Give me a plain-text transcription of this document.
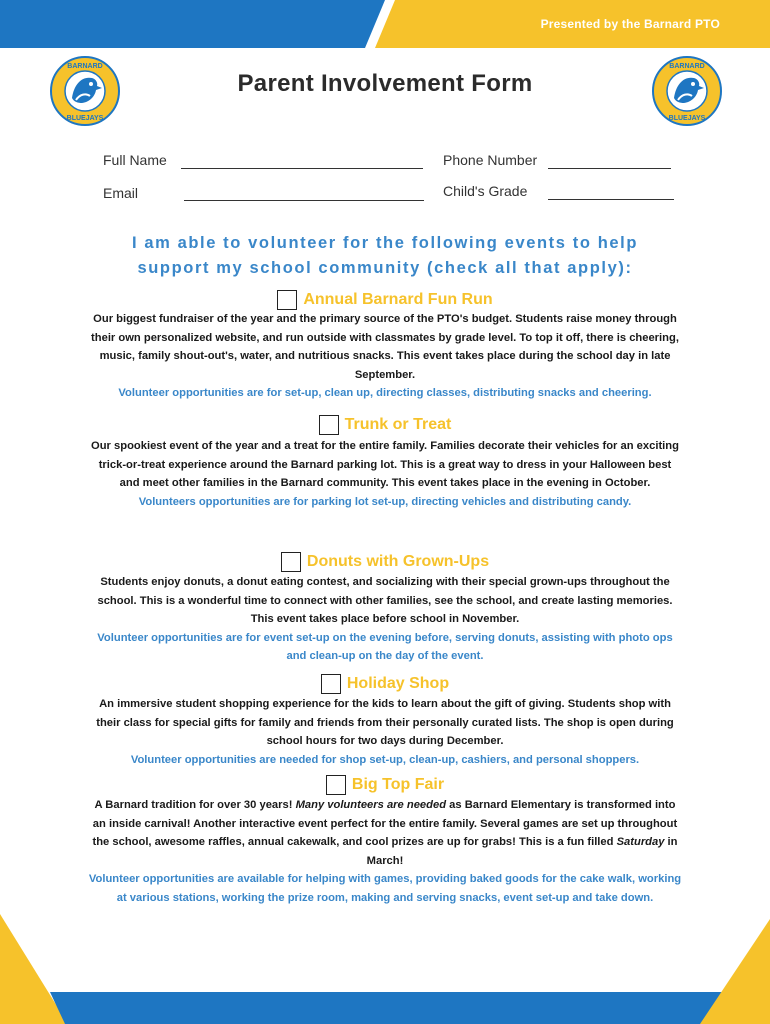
Presented by the Barnard PTO
BARNARD
BLUEJAYS
BARNARD
BLUEJAYS
Parent Involvement Form
Full Name	Phone Number
Email	Child's Grade
I am able to volunteer for the following events to help
support my school community (check all that apply):
Annual Barnard Fun Run
Our biggest fundraiser of the year and the primary source of the PTO's budget. Students raise money through their own personalized website, and run outside with classmates by grade level. To top it off, there is cheering, music, family shout-out's, water, and nutritious snacks. This event takes place during the school day in late September.
Volunteer opportunities are for set-up, clean up, directing classes, distributing snacks and cheering.
Trunk or Treat
Our spookiest event of the year and a treat for the entire family. Families decorate their vehicles for an exciting trick-or-treat experience around the Barnard parking lot. This is a great way to dress in your Halloween best and meet other families in the Barnard community. This event takes place in the evening in October.
Volunteers opportunities are for parking lot set-up, directing vehicles and distributing candy.
Donuts with Grown-Ups
Students enjoy donuts, a donut eating contest, and socializing with their special grown-ups throughout the school. This is a wonderful time to connect with other families, see the school, and create lasting memories. This event takes place before school in November.
Volunteer opportunities are for event set-up on the evening before, serving donuts, assisting with photo ops and clean-up on the day of the event.
Holiday Shop
An immersive student shopping experience for the kids to learn about the gift of giving. Students shop with their class for special gifts for family and friends from their personally curated lists. The shop is open during school hours for two days during December.
Volunteer opportunities are needed for shop set-up, clean-up, cashiers, and personal shoppers.
Big Top Fair
A Barnard tradition for over 30 years! Many volunteers are needed as Barnard Elementary is transformed into an inside carnival! Another interactive event perfect for the entire family. Several games are set up throughout the school, awesome raffles, annual cakewalk, and cool prizes are up for grabs! This is a fun filled Saturday in March!
Volunteer opportunities are available for helping with games, providing baked goods for the cake walk, working at various stations, working the prize room, making and serving snacks, event set-up and take down.
